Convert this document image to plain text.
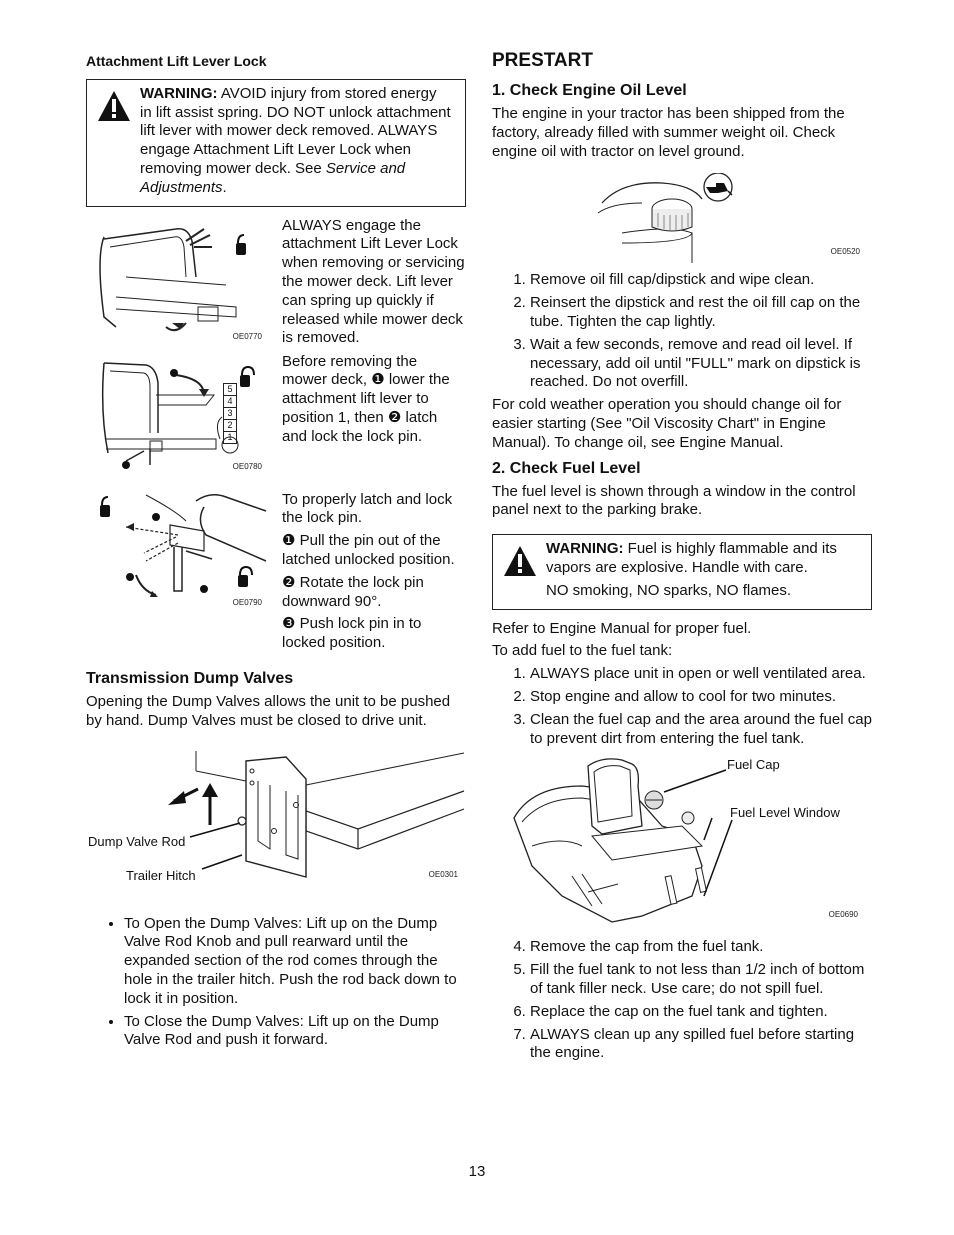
Attachment Lift Lever Lock
WARNING: AVOID injury from stored energy in lift assist spring. DO NOT unlock attachment lift lever with mower deck removed. ALWAYS engage Attachment Lift Lever Lock when removing mower deck. See Service and Adjustments.
OE0770
ALWAYS engage the attachment Lift Lever Lock when removing or servicing the mower deck. Lift lever can spring up quickly if released while mower deck is removed.
5
4
3
2
1
OE0780
Before removing the mower deck, ❶ lower the attachment lift lever to position 1, then ❷ latch and lock the lock pin.
OE0790

To properly latch and lock the lock pin.

❶ Pull the pin out of the latched unlocked position.

❷ Rotate the lock pin downward 90°.

❸ Push lock pin in to locked position.

Transmission Dump Valves

Opening the Dump Valves allows the unit to be pushed by hand. Dump Valves must be closed to drive unit.

Dump Valve Rod
Trailer Hitch	OE0301
• To Open the Dump Valves: Lift up on the Dump Valve Rod Knob and pull rearward until the expanded section of the rod comes through the hole in the trailer hitch. Push the rod back down to lock it in position.
• To Close the Dump Valves: Lift up on the Dump Valve Rod and push it forward.
PRESTART
1. Check Engine Oil Level

The engine in your tractor has been shipped from the factory, already filled with summer weight oil. Check engine oil with tractor on level ground.

OE0520
1. Remove oil fill cap/dipstick and wipe clean.
2. Reinsert the dipstick and rest the oil fill cap on the tube. Tighten the cap lightly.
3. Wait a few seconds, remove and read oil level. If necessary, add oil until "FULL" mark on dipstick is reached. Do not overfill.

For cold weather operation you should change oil for easier starting (See "Oil Viscosity Chart" in Engine Manual). To change oil, see Engine Manual.

2. Check Fuel Level

The fuel level is shown through a window in the control panel next to the parking brake.

WARNING: Fuel is highly flammable and its vapors are explosive. Handle with care.

NO smoking, NO sparks, NO flames.

Refer to Engine Manual for proper fuel.

To add fuel to the fuel tank:

1. ALWAYS place unit in open or well ventilated area.
2. Stop engine and allow to cool for two minutes.
3. Clean the fuel cap and the area around the fuel cap to prevent dirt from entering the fuel tank.
Fuel Cap
Fuel Level Window
OE0690
4. Remove the cap from the fuel tank.
5. Fill the fuel tank to not less than 1/2 inch of bottom of tank filler neck. Use care; do not spill fuel.
6. Replace the cap on the fuel tank and tighten.
7. ALWAYS clean up any spilled fuel before starting the engine.
13
